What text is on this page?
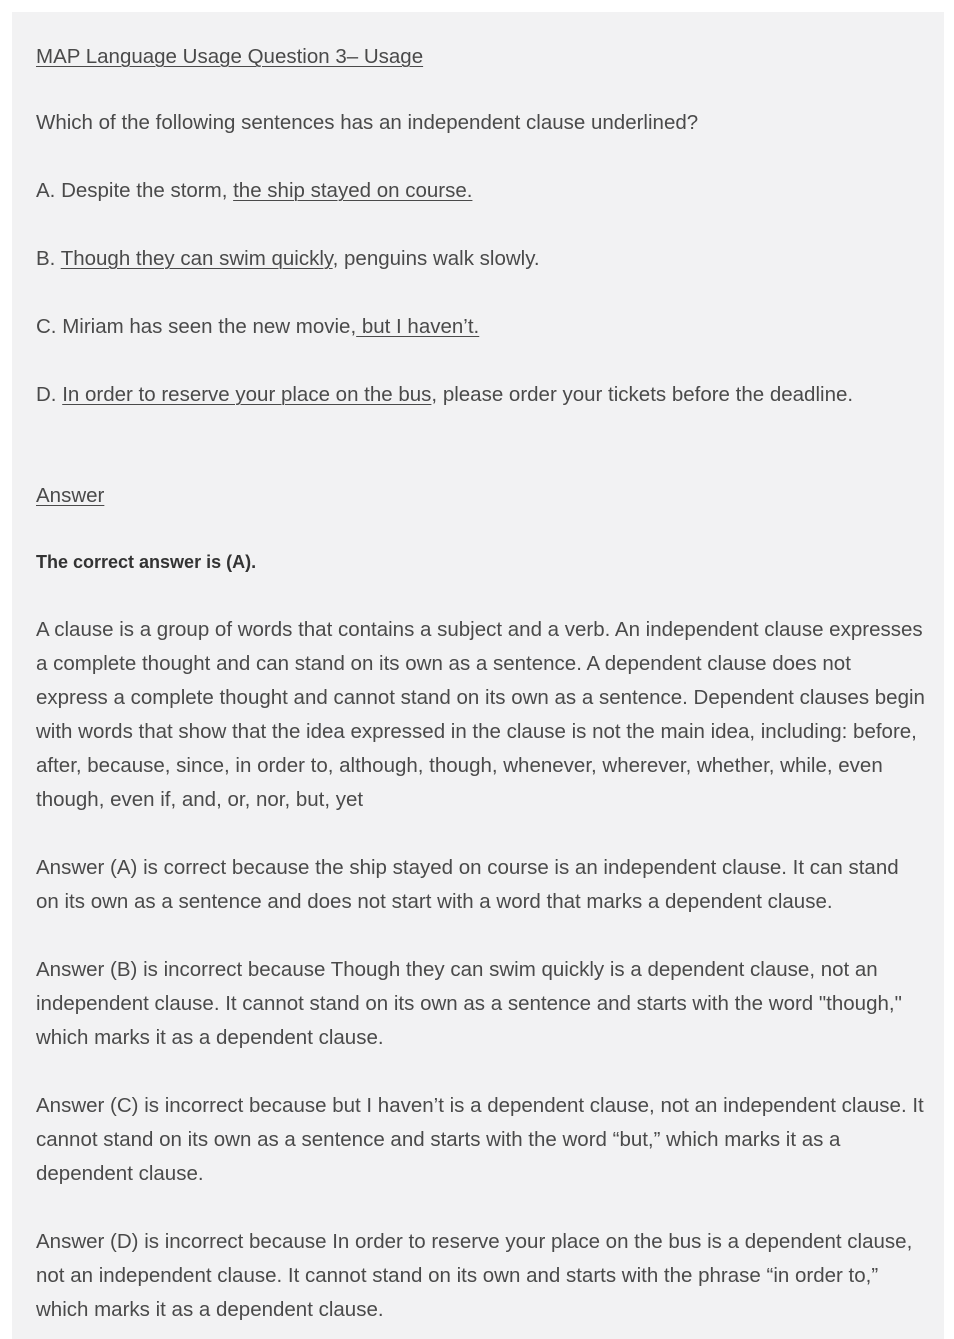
MAP Language Usage Question 3– Usage

Which of the following sentences has an independent clause underlined?

A. Despite the storm, the ship stayed on course.

B. Though they can swim quickly, penguins walk slowly.

C. Miriam has seen the new movie, but I haven’t.

D. In order to reserve your place on the bus, please order your tickets before the deadline.

Answer

The correct answer is (A).

A clause is a group of words that contains a subject and a verb. An independent clause expresses a complete thought and can stand on its own as a sentence. A dependent clause does not express a complete thought and cannot stand on its own as a sentence. Dependent clauses begin with words that show that the idea expressed in the clause is not the main idea, including: before, after, because, since, in order to, although, though, whenever, wherever, whether, while, even though, even if, and, or, nor, but, yet

Answer (A) is correct because the ship stayed on course is an independent clause. It can stand on its own as a sentence and does not start with a word that marks a dependent clause.

Answer (B) is incorrect because Though they can swim quickly is a dependent clause, not an independent clause. It cannot stand on its own as a sentence and starts with the word "though," which marks it as a dependent clause.

Answer (C) is incorrect because but I haven’t is a dependent clause, not an independent clause. It cannot stand on its own as a sentence and starts with the word “but,” which marks it as a dependent clause.

Answer (D) is incorrect because In order to reserve your place on the bus is a dependent clause, not an independent clause. It cannot stand on its own and starts with the phrase “in order to,” which marks it as a dependent clause.
